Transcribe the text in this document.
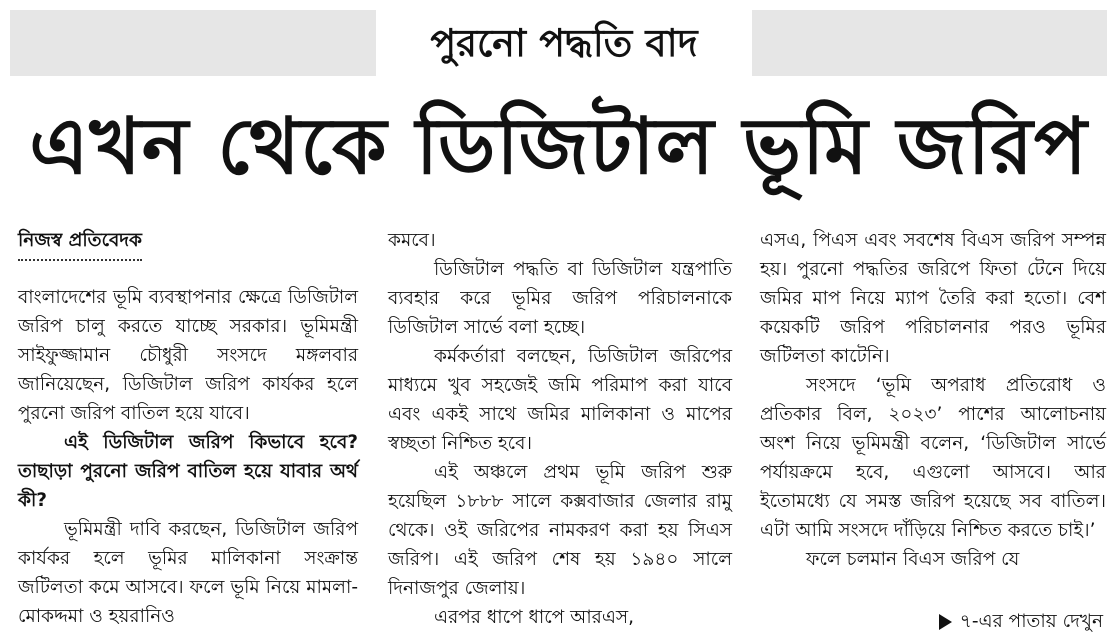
পুরনো পদ্ধতি বাদ
এখন থেকে ডিজিটাল ভূমি জরিপ
নিজস্ব প্রতিবেদক

বাংলাদেশের ভূমি ব্যবস্থাপনার ক্ষেত্রে ডিজিটাল জরিপ চালু করতে যাচ্ছে সরকার। ভূমিমন্ত্রী সাইফুজ্জামান চৌধুরী সংসদে মঙ্গলবার জানিয়েছেন, ডিজিটাল জরিপ কার্যকর হলে পুরনো জরিপ বাতিল হয়ে যাবে।

এই ডিজিটাল জরিপ কিভাবে হবে? তাছাড়া পুরনো জরিপ বাতিল হয়ে যাবার অর্থ কী?

ভূমিমন্ত্রী দাবি করছেন, ডিজিটাল জরিপ কার্যকর হলে ভূমির মালিকানা সংক্রান্ত জটিলতা কমে আসবে। ফলে ভূমি নিয়ে মামলা-মোকদ্দমা ও হয়রানিও

কমবে।

ডিজিটাল পদ্ধতি বা ডিজিটাল যন্ত্রপাতি ব্যবহার করে ভূমির জরিপ পরিচালনাকে ডিজিটাল সার্ভে বলা হচ্ছে।

কর্মকর্তারা বলছেন, ডিজিটাল জরিপের মাধ্যমে খুব সহজেই জমি পরিমাপ করা যাবে এবং একই সাথে জমির মালিকানা ও মাপের স্বচ্ছতা নিশ্চিত হবে।

এই অঞ্চলে প্রথম ভূমি জরিপ শুরু হয়েছিল ১৮৮৮ সালে কক্সবাজার জেলার রামু থেকে। ওই জরিপের নামকরণ করা হয় সিএস জরিপ। এই জরিপ শেষ হয় ১৯৪০ সালে দিনাজপুর জেলায়।

এরপর ধাপে ধাপে আরএস,

এসএ, পিএস এবং সবশেষ বিএস জরিপ সম্পন্ন হয়। পুরনো পদ্ধতির জরিপে ফিতা টেনে দিয়ে জমির মাপ নিয়ে ম্যাপ তৈরি করা হতো। বেশ কয়েকটি জরিপ পরিচালনার পরও ভূমির জটিলতা কাটেনি।

সংসদে ‘ভূমি অপরাধ প্রতিরোধ ও প্রতিকার বিল, ২০২৩’ পাশের আলোচনায় অংশ নিয়ে ভূমিমন্ত্রী বলেন, ‘ডিজিটাল সার্ভে পর্যায়ক্রমে হবে, এগুলো আসবে। আর ইতোমধ্যে যে সমস্ত জরিপ হয়েছে সব বাতিল। এটা আমি সংসদে দাঁড়িয়ে নিশ্চিত করতে চাই।’

ফলে চলমান বিএস জরিপ যে

৭-এর পাতায় দেখুন
